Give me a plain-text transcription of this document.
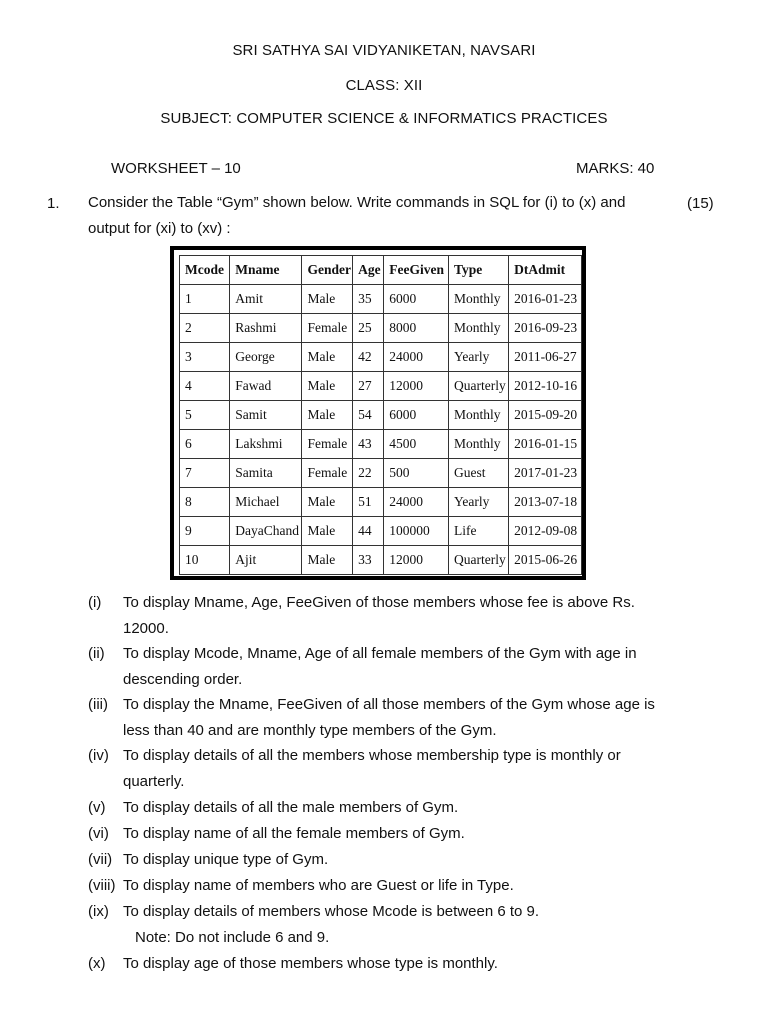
SRI SATHYA SAI VIDYANIKETAN, NAVSARI
CLASS: XII
SUBJECT: COMPUTER SCIENCE & INFORMATICS PRACTICES
WORKSHEET – 10	MARKS: 40
1. Consider the Table “Gym” shown below. Write commands in SQL for (i) to (x) and output for (xi) to (xv) :
(15)
Mcode	Mname	Gender	Age	FeeGiven	Type	DtAdmit
1	Amit	Male	35	6000	Monthly	2016-01-23
2	Rashmi	Female	25	8000	Monthly	2016-09-23
3	George	Male	42	24000	Yearly	2011-06-27
4	Fawad	Male	27	12000	Quarterly	2012-10-16
5	Samit	Male	54	6000	Monthly	2015-09-20
6	Lakshmi	Female	43	4500	Monthly	2016-01-15
7	Samita	Female	22	500	Guest	2017-01-23
8	Michael	Male	51	24000	Yearly	2013-07-18
9	DayaChand	Male	44	100000	Life	2012-09-08
10	Ajit	Male	33	12000	Quarterly	2015-06-26
(i) To display Mname, Age, FeeGiven of those members whose fee is above Rs. 12000.
(ii) To display Mcode, Mname, Age of all female members of the Gym with age in descending order.
(iii) To display the Mname, FeeGiven of all those members of the Gym whose age is less than 40 and are monthly type members of the Gym.
(iv) To display details of all the members whose membership type is monthly or quarterly.
(v) To display details of all the male members of Gym.
(vi) To display name of all the female members of Gym.
(vii) To display unique type of Gym.
(viii) To display name of members who are Guest or life in Type.
(ix) To display details of members whose Mcode is between 6 to 9.
Note: Do not include 6 and 9.
(x) To display age of those members whose type is monthly.
